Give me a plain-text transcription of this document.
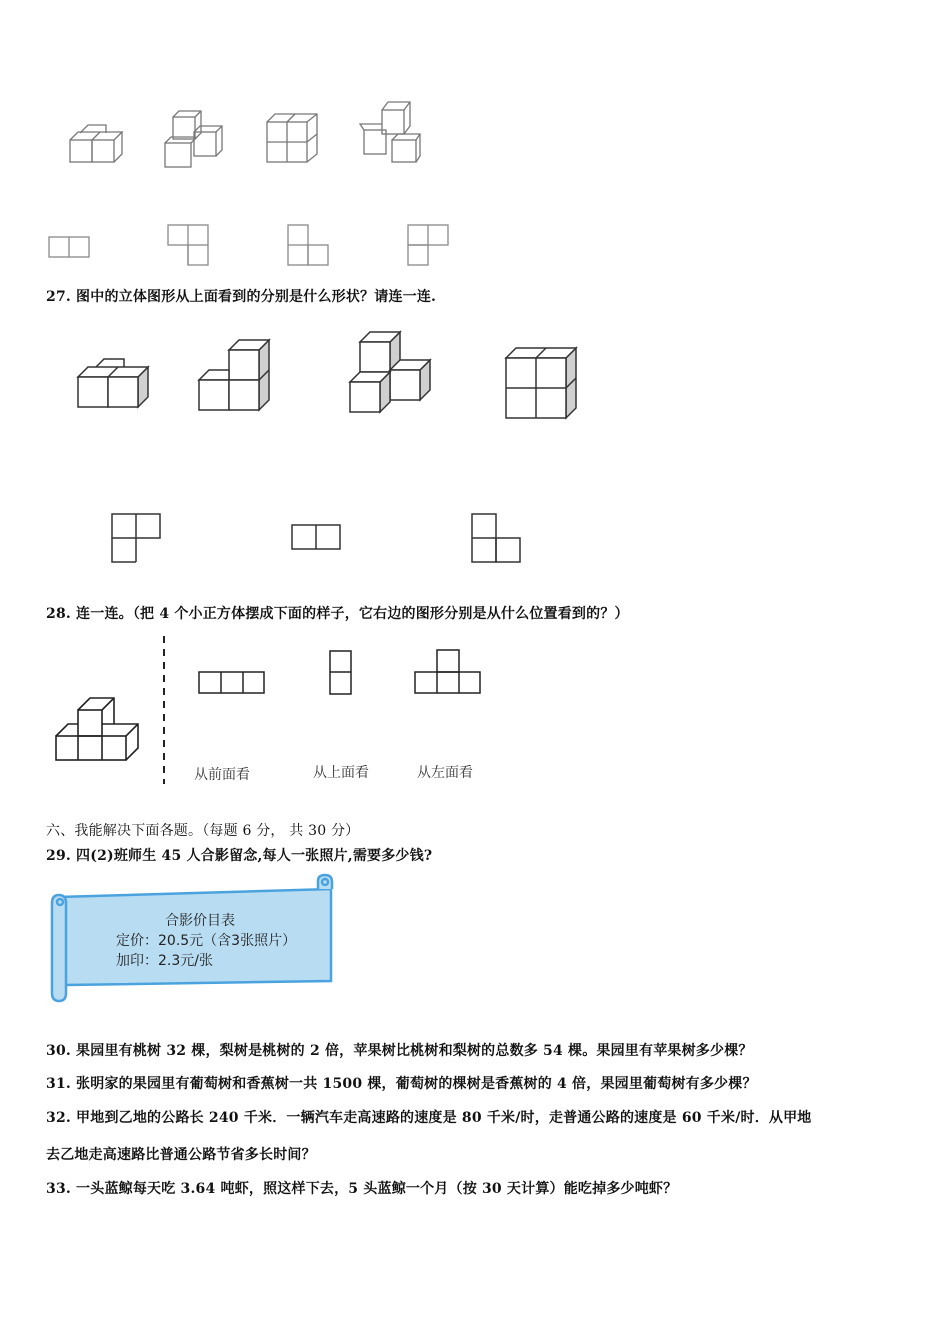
27. 图中的立体图形从上面看到的分别是什么形状？请连一连.
28. 连一连。（把 4 个小正方体摆成下面的样子，它右边的图形分别是从什么位置看到的？）
从前面看	从上面看	从左面看
六、我能解决下面各题。（每题 6 分， 共 30 分）
29. 四(2)班师生 45 人合影留念,每人一张照片,需要多少钱?
合影价目表
定价：20.5元（含3张照片）
加印：2.3元/张
30. 果园里有桃树 32 棵，梨树是桃树的 2 倍，苹果树比桃树和梨树的总数多 54 棵。果园里有苹果树多少棵？
31. 张明家的果园里有葡萄树和香蕉树一共 1500 棵，葡萄树的棵树是香蕉树的 4 倍，果园里葡萄树有多少棵？
32. 甲地到乙地的公路长 240 千米．一辆汽车走高速路的速度是 80 千米/时，走普通公路的速度是 60 千米/时．从甲地
去乙地走高速路比普通公路节省多长时间？
33. 一头蓝鲸每天吃 3.64 吨虾，照这样下去，5 头蓝鲸一个月（按 30 天计算）能吃掉多少吨虾？
